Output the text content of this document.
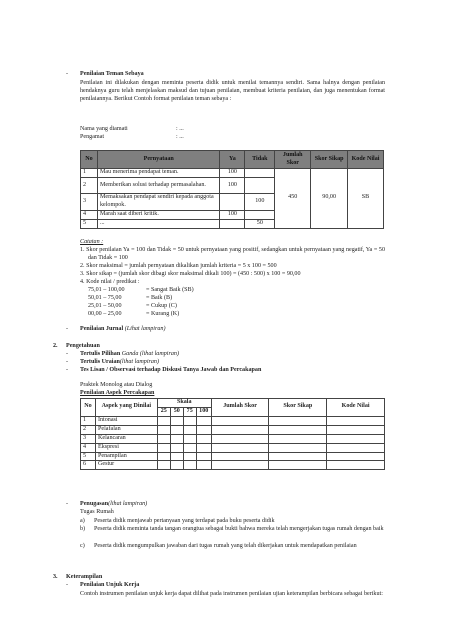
- Penilaian Teman Sebaya
Penilaian ini dilakukan dengan meminta peserta didik untuk menilai temannya sendiri. Sama halnya dengan penilaian hendaknya guru telah menjelaskan maksud dan tujuan penilaian, membuat kriteria penilaian, dan juga menentukan format penilaiannya. Berikut Contoh format penilaian teman sebaya :
Nama yang diamati	: ...
Pengamat	: ...
No	Pernyataan	Ya	Tidak	Jumlah Skor	Skor Sikap	Kode Nilai
1	Mau menerima pendapat teman.	100		450	90,00	SB
2	Memberikan solusi terhadap permasalahan.	100				
3	Memaksakan pendapat sendiri kepada anggota kelompok.		100			
4	Marah saat diberi kritik.	100				
5	...		50			
Catatan :
1. Skor penilaian Ya = 100 dan Tidak = 50 untuk pernyataan yang positif, sedangkan untuk pernyataan yang negatif, Ya = 50 dan Tidak = 100
2. Skor maksimal = jumlah pernyataan dikalikan jumlah kriteria = 5 x 100 = 500
3. Skor sikap = (jumlah skor dibagi skor maksimal dikali 100) = (450 : 500) x 100 = 90,00
4. Kode nilai / predikat :
75,01 – 100,00	= Sangat Baik (SB)
50,01 – 75,00	= Baik (B)
25,01 – 50,00	= Cukup (C)
00,00 – 25,00	= Kurang (K)
- Penilaian Jurnal (Lihat lampiran)
2. Pengetahuan
- Tertulis Pilihan Ganda (lihat lampiran)
- Tertulis Uraian(lihat lampiran)
- Tes Lisan / Observasi terhadap Diskusi Tanya Jawab dan Percakapan
Praktek Monolog atau Dialog
Penilaian Aspek Percakapan
No	Aspek yang Dinilai	Skala				Jumlah Skor	Skor Sikap	Kode Nilai
		25	50	75	100			
1	Intonasi							
2	Pelafalan							
3	Kelancaran							
4	Ekspresi							
5	Penampilan							
6	Gestur							
- Penugasan(lihat lampiran)
Tugas Rumah
a) Peserta didik menjawab pertanyaan yang terdapat pada buku peserta didik
b) Peserta didik meminta tanda tangan orangtua sebagai bukti bahwa mereka telah mengerjakan tugas rumah dengan baik
c) Peserta didik mengumpulkan jawaban dari tugas rumah yang telah dikerjakan untuk mendapatkan penilaian
3. Keterampilan
- Penilaian Unjuk Kerja
Contoh instrumen penilaian unjuk kerja dapat dilihat pada instrumen penilaian ujian keterampilan berbicara sebagai berikut:
